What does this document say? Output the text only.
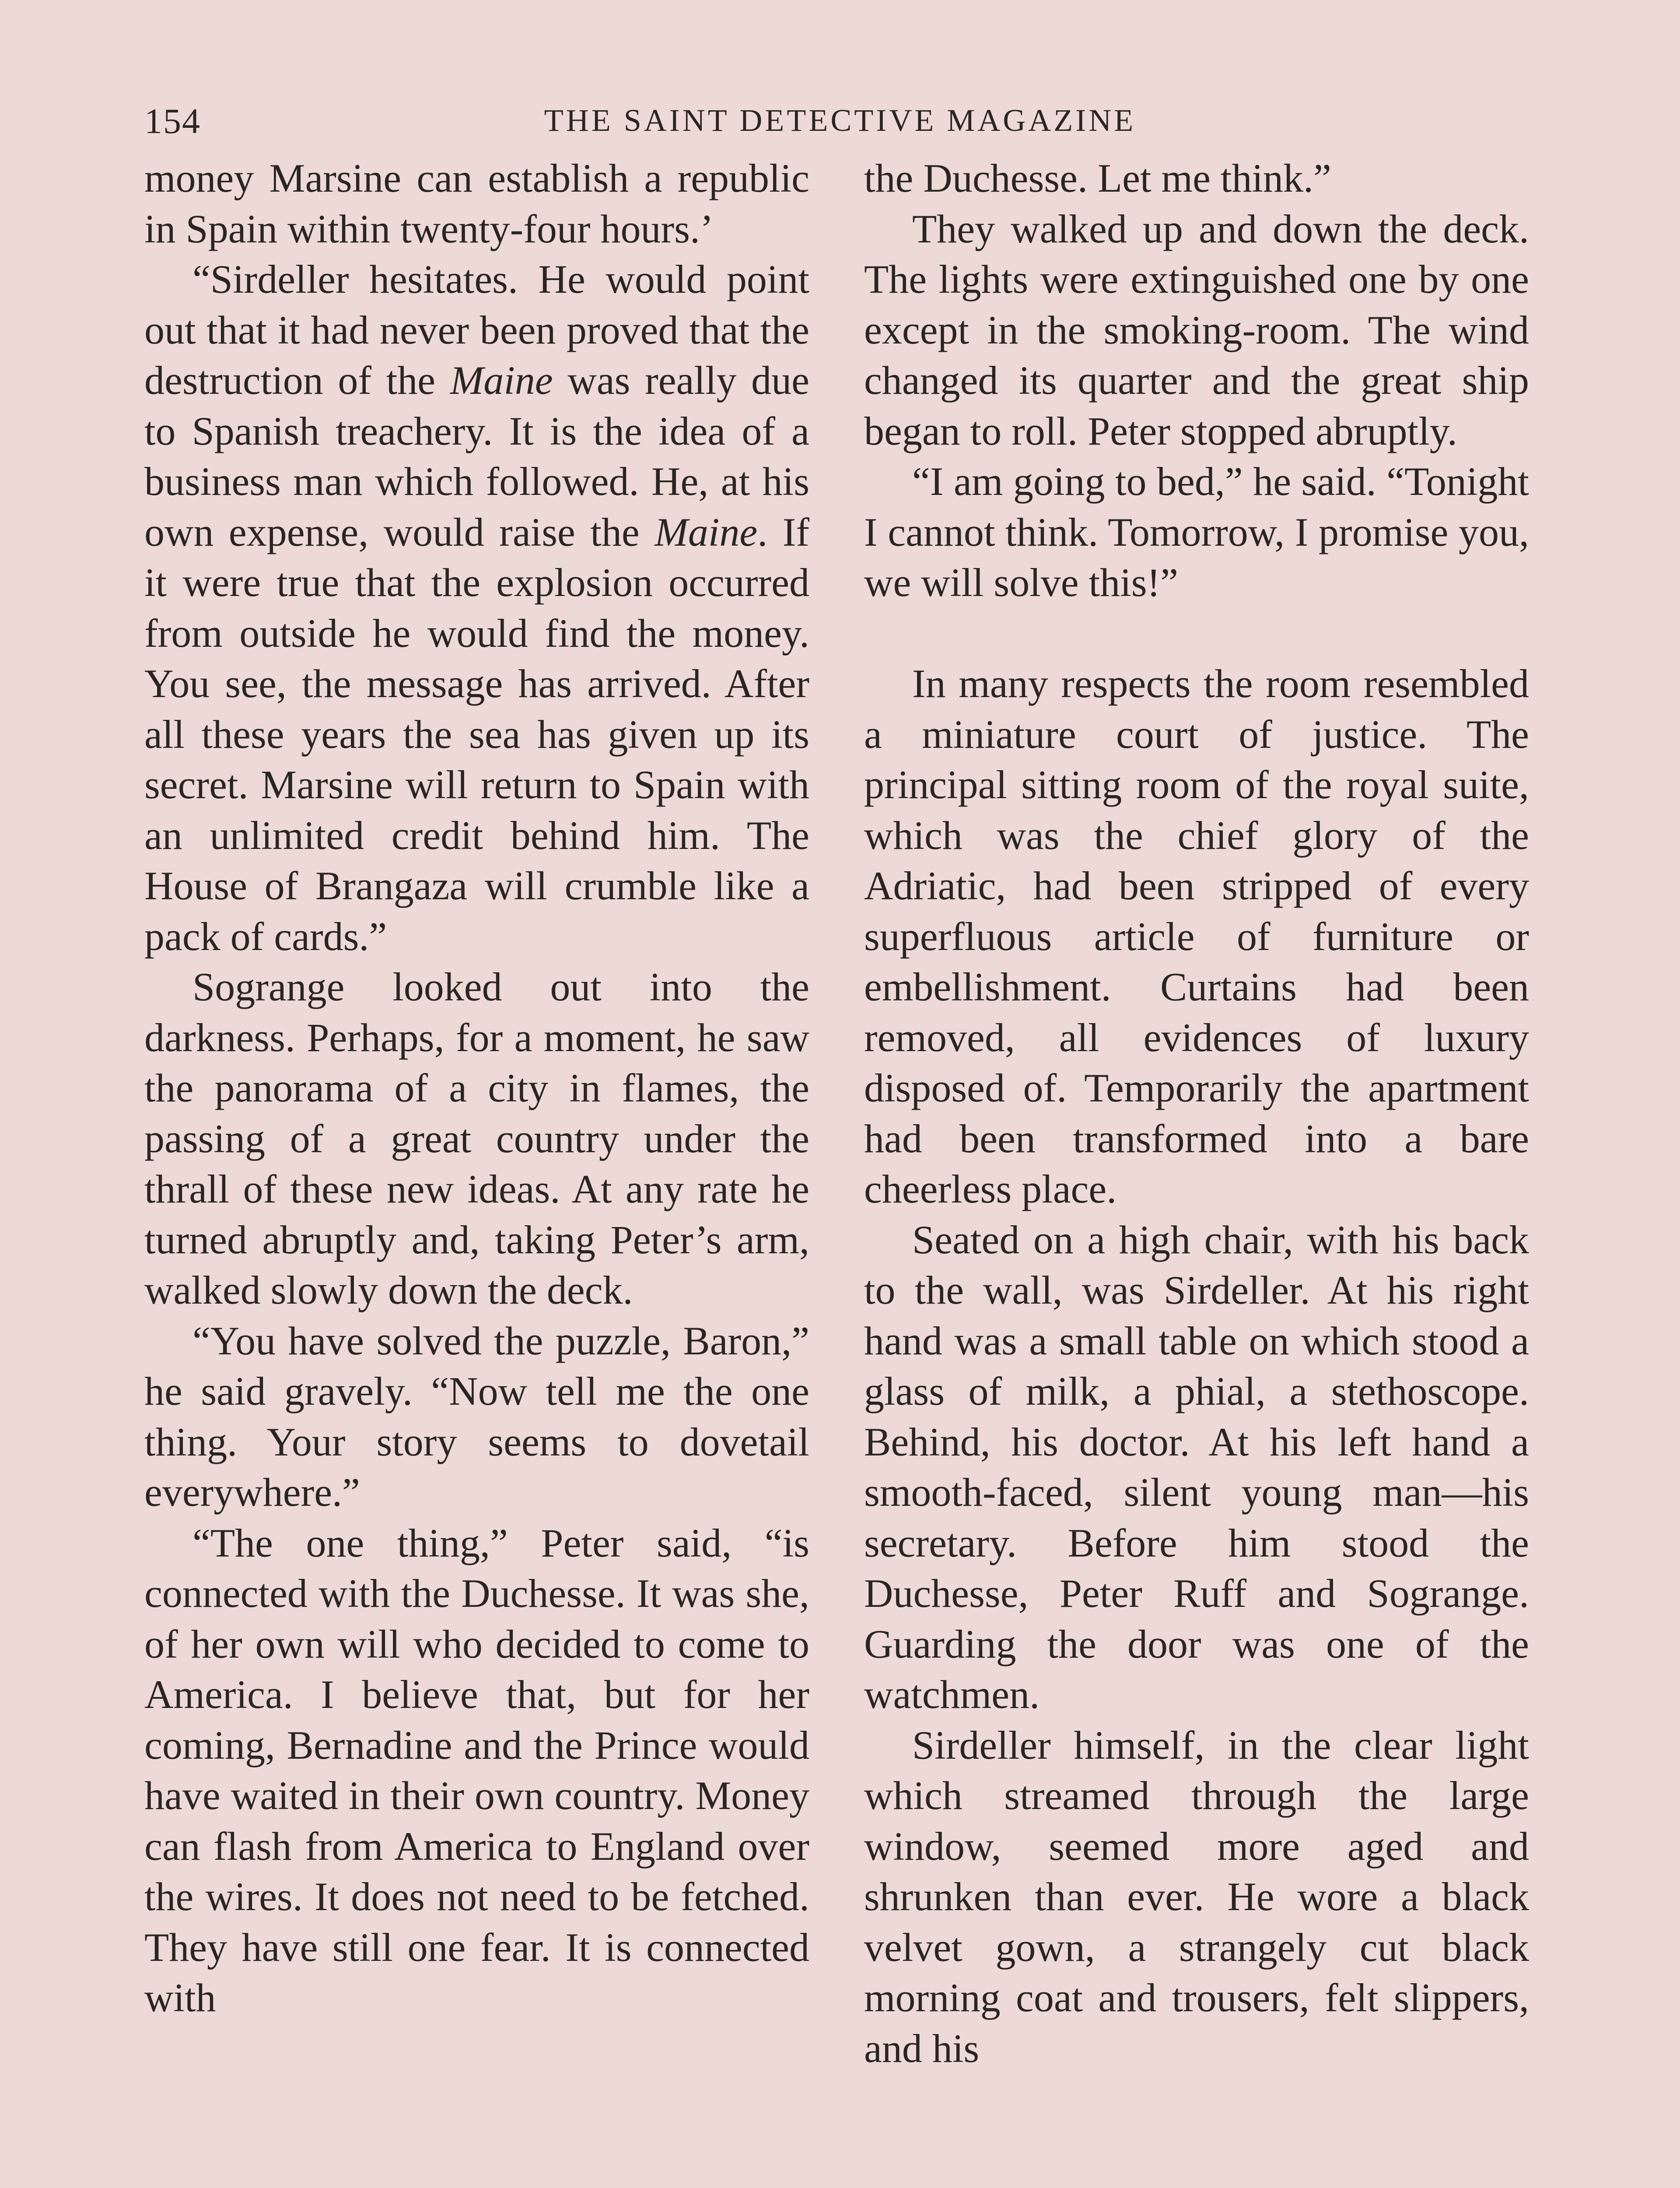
154	THE SAINT DETECTIVE MAGAZINE

money Marsine can establish a republic in Spain within twenty-four hours.’

“Sirdeller hesitates. He would point out that it had never been proved that the destruction of the Maine was really due to Spanish treachery. It is the idea of a business man which followed. He, at his own expense, would raise the Maine. If it were true that the explosion occurred from outside he would find the money. You see, the message has arrived. After all these years the sea has given up its secret. Marsine will return to Spain with an unlimited credit behind him. The House of Brangaza will crumble like a pack of cards.”

Sogrange looked out into the darkness. Perhaps, for a moment, he saw the panorama of a city in flames, the passing of a great country under the thrall of these new ideas. At any rate he turned abruptly and, taking Peter’s arm, walked slowly down the deck.

“You have solved the puzzle, Baron,” he said gravely. “Now tell me the one thing. Your story seems to dovetail everywhere.”

“The one thing,” Peter said, “is connected with the Duchesse. It was she, of her own will who decided to come to America. I believe that, but for her coming, Bernadine and the Prince would have waited in their own country. Money can flash from America to England over the wires. It does not need to be fetched. They have still one fear. It is connected with

the Duchesse. Let me think.”

They walked up and down the deck. The lights were extinguished one by one except in the smoking-room. The wind changed its quarter and the great ship began to roll. Peter stopped abruptly.

“I am going to bed,” he said. “Tonight I cannot think. Tomorrow, I promise you, we will solve this!”

In many respects the room resembled a miniature court of justice. The principal sitting room of the royal suite, which was the chief glory of the Adriatic, had been stripped of every superfluous article of furniture or embellishment. Curtains had been removed, all evidences of luxury disposed of. Temporarily the apartment had been transformed into a bare cheerless place.

Seated on a high chair, with his back to the wall, was Sirdeller. At his right hand was a small table on which stood a glass of milk, a phial, a stethoscope. Behind, his doctor. At his left hand a smooth-faced, silent young man—his secretary. Before him stood the Duchesse, Peter Ruff and Sogrange. Guarding the door was one of the watchmen.

Sirdeller himself, in the clear light which streamed through the large window, seemed more aged and shrunken than ever. He wore a black velvet gown, a strangely cut black morning coat and trousers, felt slippers, and his
